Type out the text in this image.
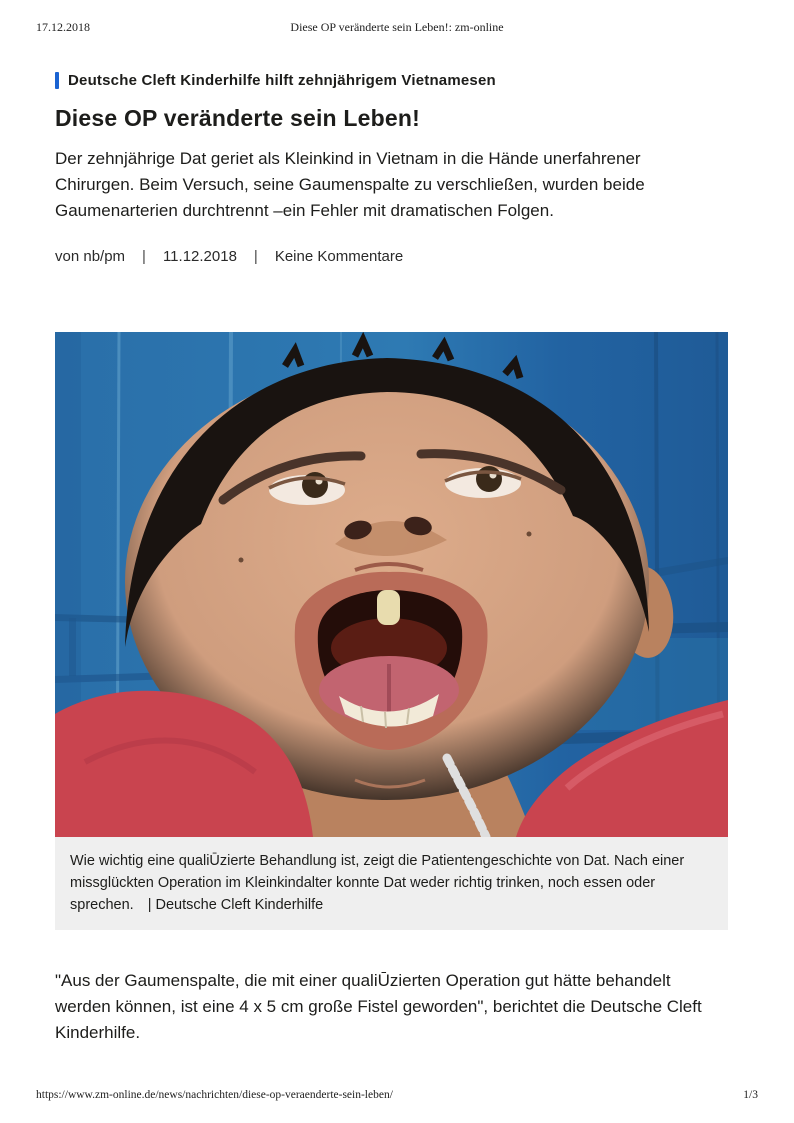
17.12.2018	Diese OP veränderte sein Leben!: zm-online
Deutsche Cleft Kinderhilfe hilft zehnjährigem Vietnamesen
Diese OP veränderte sein Leben!

Der zehnjährige Dat geriet als Kleinkind in Vietnam in die Hände unerfahrener Chirurgen. Beim Versuch, seine Gaumenspalte zu verschließen, wurden beide Gaumenarterien durchtrennt –ein Fehler mit dramatischen Folgen.

von nb/pm | 11.12.2018 | Keine Kommentare
Wie wichtig eine qualiŪzierte Behandlung ist, zeigt die Patientengeschichte von Dat. Nach einer missglückten Operation im Kleinkindalter konnte Dat weder richtig trinken, noch essen oder sprechen. | Deutsche Cleft Kinderhilfe

"Aus der Gaumenspalte, die mit einer qualiŪzierten Operation gut hätte behandelt werden können, ist eine 4 x 5 cm große Fistel geworden", berichtet die Deutsche Cleft Kinderhilfe.

https://www.zm-online.de/news/nachrichten/diese-op-veraenderte-sein-leben/	1/3
